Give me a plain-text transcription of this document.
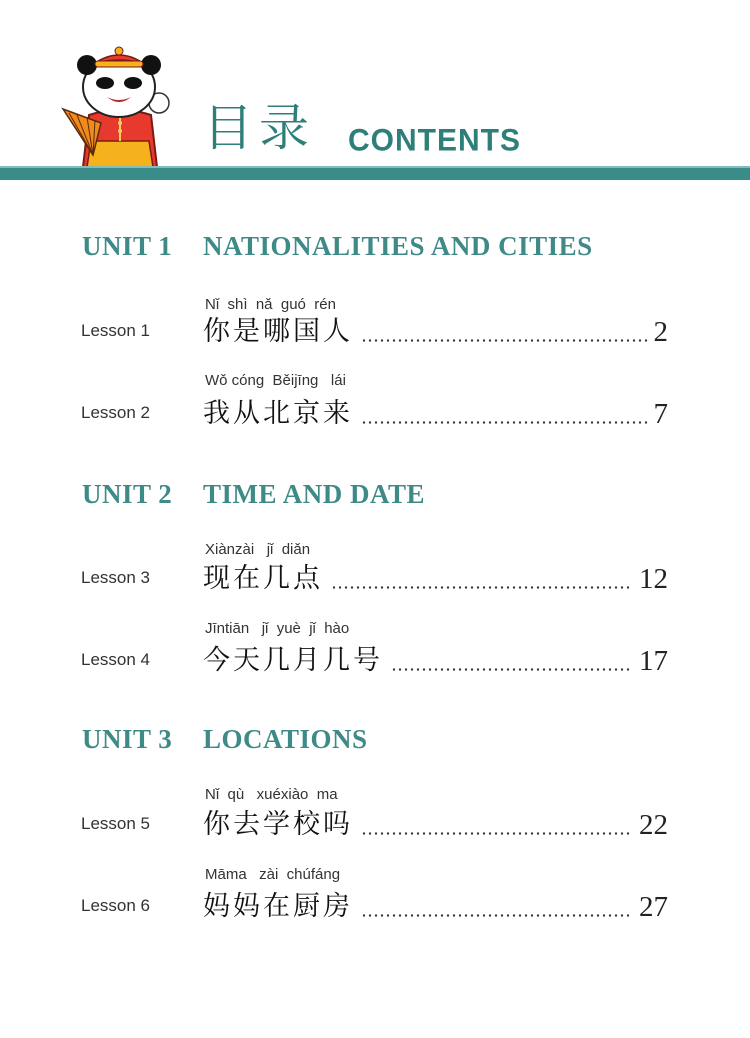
目录 CONTENTS
UNIT 1 NATIONALITIES AND CITIES
Nǐ  shì  nǎ  guó  rén
Lesson 1 你是哪国人	2
Wǒ cóng  Běijīng   lái
Lesson 2 我从北京来	7
UNIT 2 TIME AND DATE
Xiànzài   jǐ  diǎn
Lesson 3 现在几点	12
Jīntiān   jǐ  yuè  jǐ  hào
Lesson 4 今天几月几号	17
UNIT 3 LOCATIONS
Nǐ  qù   xuéxiào  ma
Lesson 5 你去学校吗	22
Māma   zài  chúfáng
Lesson 6 妈妈在厨房	27
